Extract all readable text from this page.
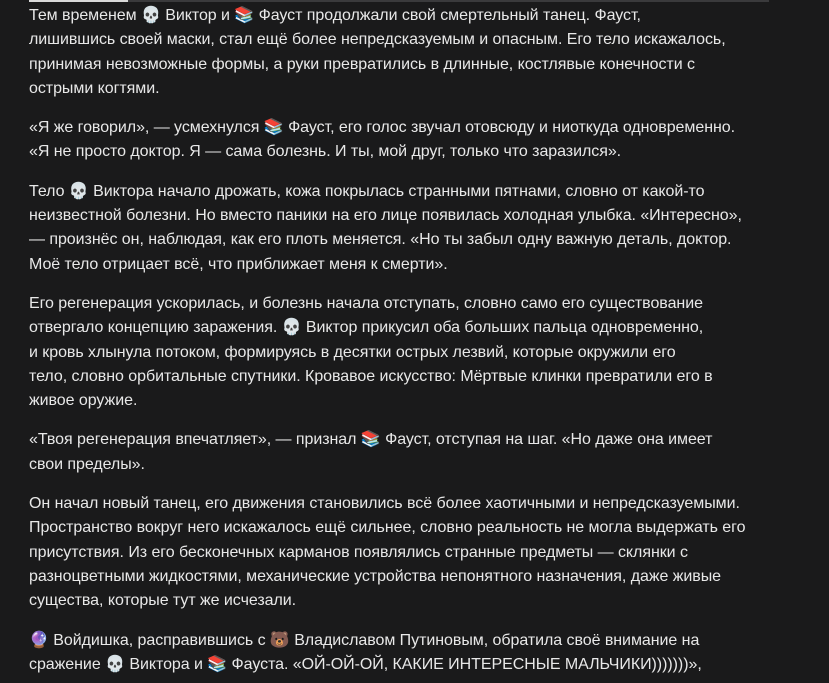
Тем временем 💀 Виктор и 📚 Фауст продолжали свой смертельный танец. Фауст,
лишившись своей маски, стал ещё более непредсказуемым и опасным. Его тело искажалось,
принимая невозможные формы, а руки превратились в длинные, костлявые конечности с
острыми когтями.

«Я же говорил», — усмехнулся 📚 Фауст, его голос звучал отовсюду и ниоткуда одновременно.
«Я не просто доктор. Я — сама болезнь. И ты, мой друг, только что заразился».

Тело 💀 Виктора начало дрожать, кожа покрылась странными пятнами, словно от какой-то
неизвестной болезни. Но вместо паники на его лице появилась холодная улыбка. «Интересно»,
— произнёс он, наблюдая, как его плоть меняется. «Но ты забыл одну важную деталь, доктор.
Моё тело отрицает всё, что приближает меня к смерти».

Его регенерация ускорилась, и болезнь начала отступать, словно само его существование
отвергало концепцию заражения. 💀 Виктор прикусил оба больших пальца одновременно,
и кровь хлынула потоком, формируясь в десятки острых лезвий, которые окружили его
тело, словно орбитальные спутники. Кровавое искусство: Мёртвые клинки превратили его в
живое оружие.

«Твоя регенерация впечатляет», — признал 📚 Фауст, отступая на шаг. «Но даже она имеет
свои пределы».

Он начал новый танец, его движения становились всё более хаотичными и непредсказуемыми.
Пространство вокруг него искажалось ещё сильнее, словно реальность не могла выдержать его
присутствия. Из его бесконечных карманов появлялись странные предметы — склянки с
разноцветными жидкостями, механические устройства непонятного назначения, даже живые
существа, которые тут же исчезали.

🔮 Войдишка, расправившись с 🐻 Владиславом Путиновым, обратила своё внимание на
сражение 💀 Виктора и 📚 Фауста. «ОЙ-ОЙ-ОЙ, КАКИЕ ИНТЕРЕСНЫЕ МАЛЬЧИКИ)))))))»,
